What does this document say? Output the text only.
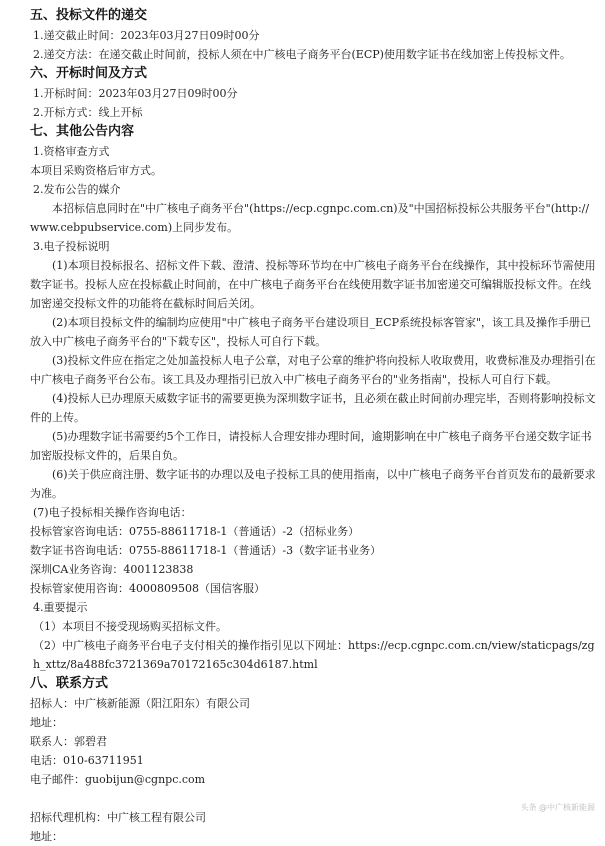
五、投标文件的递交

1.递交截止时间：2023年03月27日09时00分

2.递交方法：在递交截止时间前，投标人须在中广核电子商务平台(ECP)使用数字证书在线加密上传投标文件。

六、开标时间及方式

1.开标时间：2023年03月27日09时00分

2.开标方式：线上开标

七、其他公告内容

1.资格审查方式

本项目采购资格后审方式。

2.发布公告的媒介

本招标信息同时在"中广核电子商务平台"(https://ecp.cgnpc.com.cn)及"中国招标投标公共服务平台"(http://www.cebpubservice.com)上同步发布。

3.电子投标说明

(1)本项目投标报名、招标文件下载、澄清、投标等环节均在中广核电子商务平台在线操作，其中投标环节需使用数字证书。投标人应在投标截止时间前，在中广核电子商务平台在线使用数字证书加密递交可编辑版投标文件。在线加密递交投标文件的功能将在截标时间后关闭。

(2)本项目投标文件的编制均应使用"中广核电子商务平台建设项目_ECP系统投标客管家"，该工具及操作手册已放入中广核电子商务平台的"下载专区"，投标人可自行下载。

(3)投标文件应在指定之处加盖投标人电子公章，对电子公章的维护将向投标人收取费用，收费标准及办理指引在中广核电子商务平台公布。该工具及办理指引已放入中广核电子商务平台的"业务指南"，投标人可自行下载。

(4)投标人已办理原天威数字证书的需要更换为深圳数字证书，且必须在截止时间前办理完毕，否则将影响投标文件的上传。

(5)办理数字证书需要约5个工作日，请投标人合理安排办理时间，逾期影响在中广核电子商务平台递交数字证书加密版投标文件的，后果自负。

(6)关于供应商注册、数字证书的办理以及电子投标工具的使用指南，以中广核电子商务平台首页发布的最新要求为准。

(7)电子投标相关操作咨询电话：

投标管家咨询电话：0755-88611718-1（普通话）-2（招标业务）

数字证书咨询电话：0755-88611718-1（普通话）-3（数字证书业务）

深圳CA业务咨询：4001123838

投标管家使用咨询：4000809508（国信客服）

4.重要提示

（1）本项目不接受现场购买招标文件。

（2）中广核电子商务平台电子支付相关的操作指引见以下网址：https://ecp.cgnpc.com.cn/view/staticpags/zgh_xttz/8a488fc3721369a70172165c304d6187.html

八、联系方式

招标人：中广核新能源（阳江阳东）有限公司

地址：

联系人：郭碧君

电话：010-63711951

电子邮件：guobijun@cgnpc.com

招标代理机构：中广核工程有限公司

地址：

头条 @中广核新能源
